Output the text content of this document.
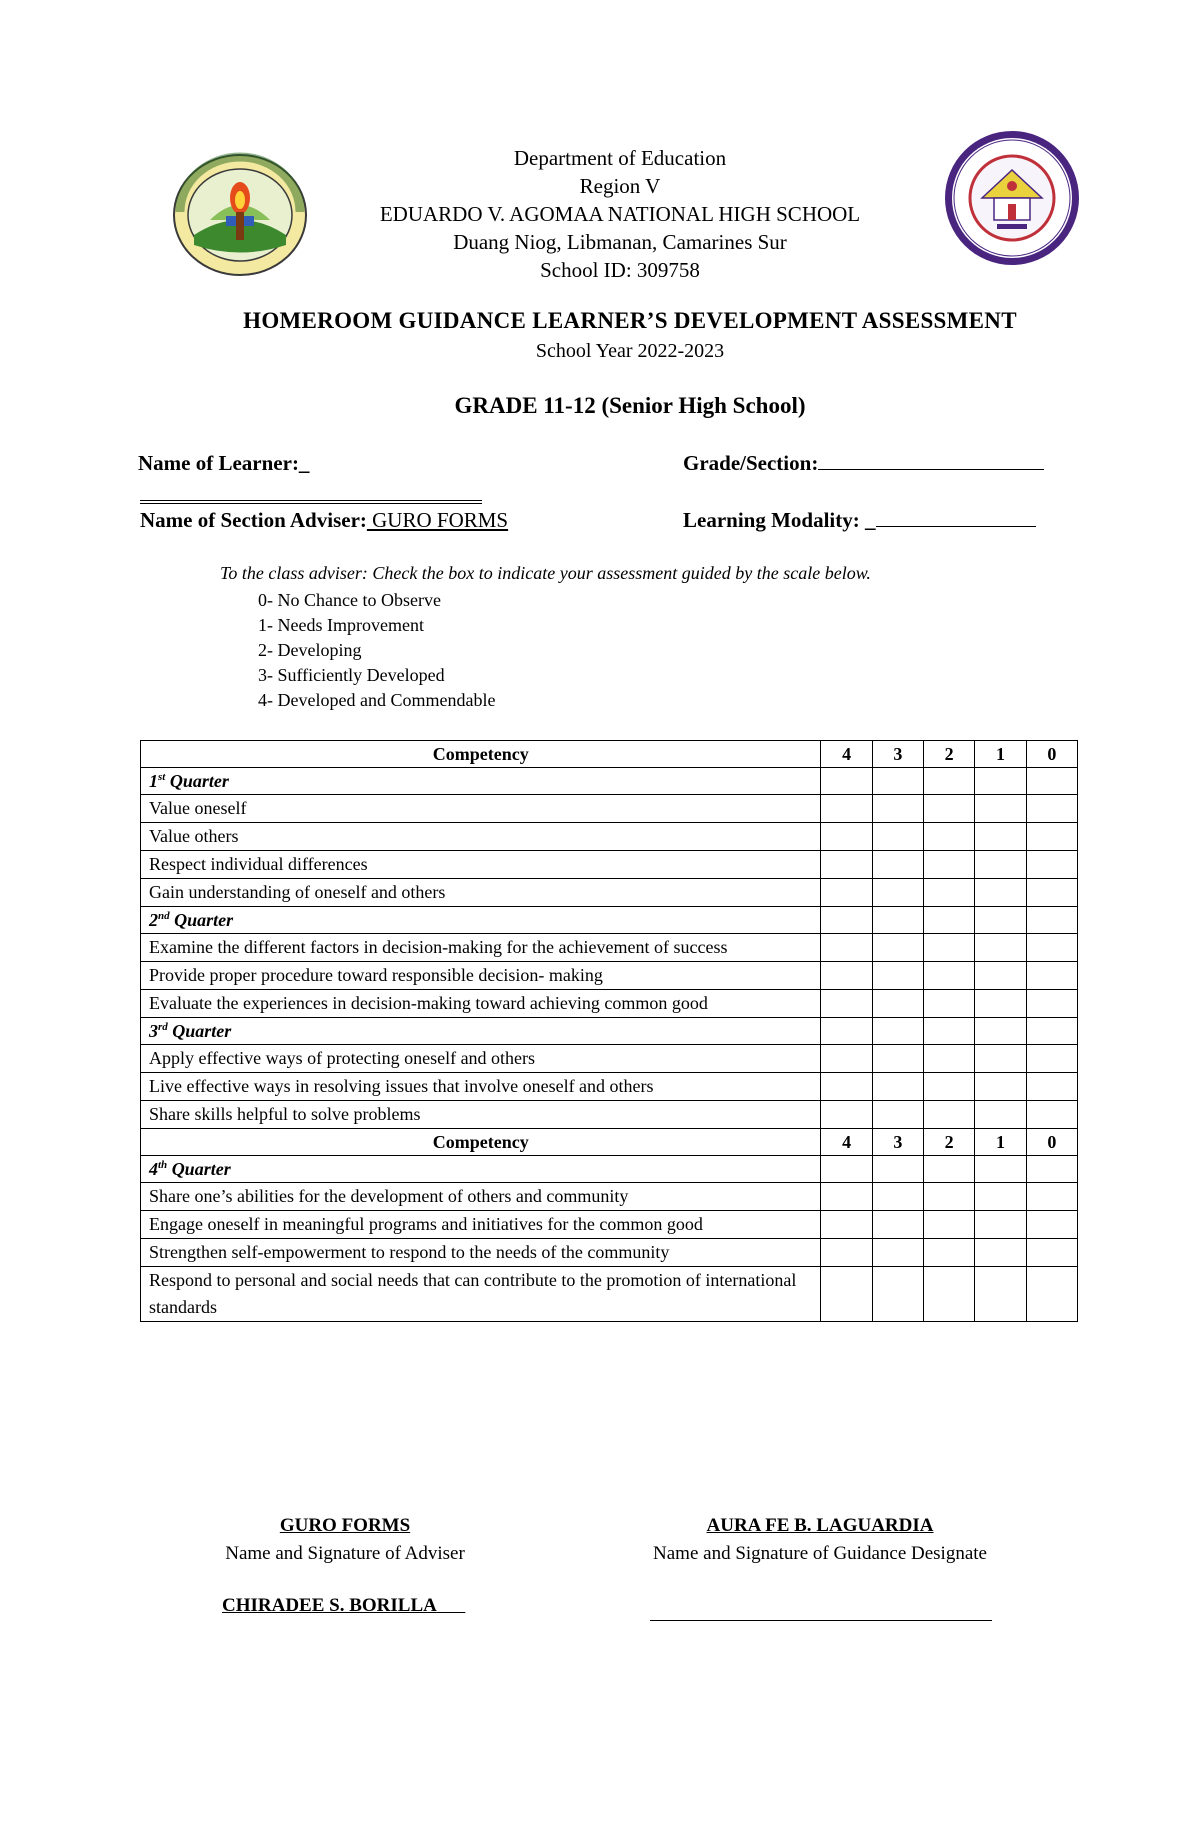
Department of Education
Region V
EDUARDO V. AGOMAA NATIONAL HIGH SCHOOL
Duang Niog, Libmanan, Camarines Sur
School ID: 309758
HOMEROOM GUIDANCE LEARNER’S DEVELOPMENT ASSESSMENT
School Year 2022-2023
GRADE 11-12 (Senior High School)
Name of Learner:_	Grade/Section:
Name of Section Adviser: GURO FORMS	Learning Modality: _
To the class adviser: Check the box to indicate your assessment guided by the scale below.
0- No Chance to Observe
1- Needs Improvement
2- Developing
3- Sufficiently Developed
4- Developed and Commendable
Competency	4	3	2	1	0
1st Quarter					
Value oneself					
Value others					
Respect individual differences					
Gain understanding of oneself and others					
2nd Quarter					
Examine the different factors in decision-making for the achievement of success					
Provide proper procedure toward responsible decision- making					
Evaluate the experiences in decision-making toward achieving common good					
3rd Quarter					
Apply effective ways of protecting oneself and others					
Live effective ways in resolving issues that involve oneself and others					
Share skills helpful to solve problems					
Competency	4	3	2	1	0
4th Quarter					
Share one’s abilities for the development of others and community					
Engage oneself in meaningful programs and initiatives for the common good					
Strengthen self-empowerment to respond to the needs of the community					
Respond to personal and social needs that can contribute to the promotion of international standards					
GURO FORMS
Name and Signature of Adviser
AURA FE B. LAGUARDIA
Name and Signature of Guidance Designate
CHIRADEE S. BORILLA
